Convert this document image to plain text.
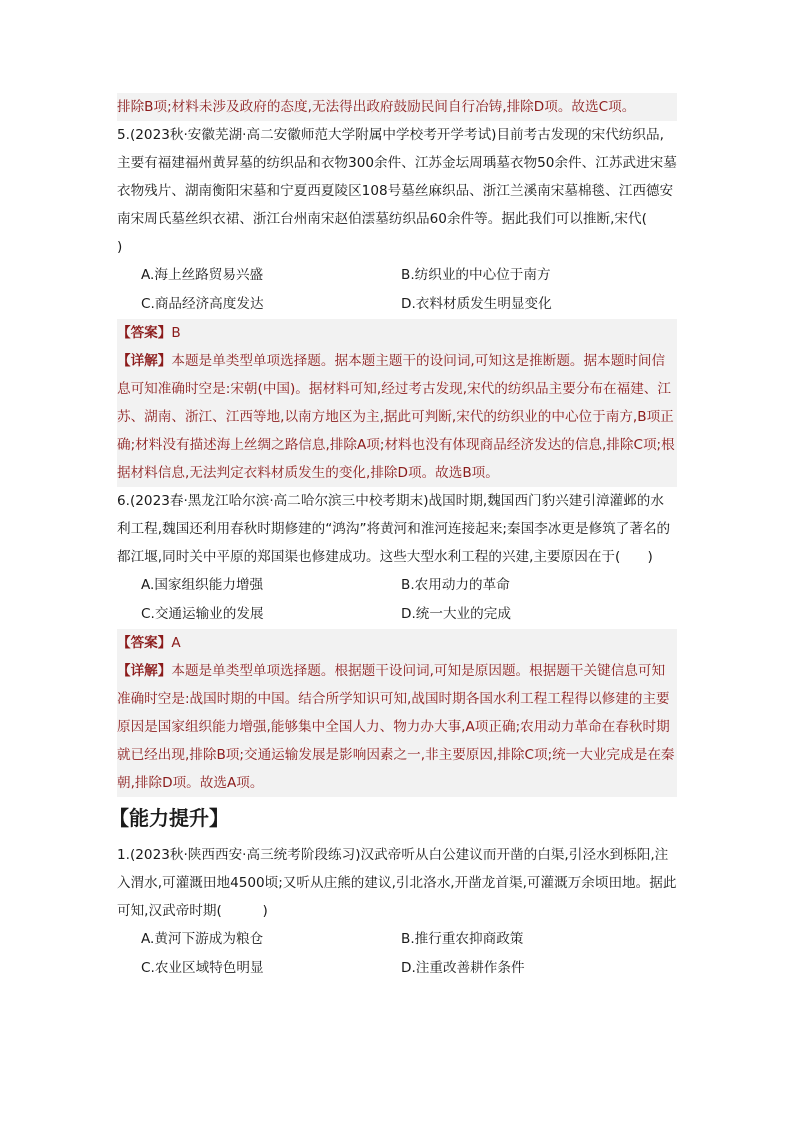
排除B项;材料未涉及政府的态度,无法得出政府鼓励民间自行冶铸,排除D项。故选C项。

5.(2023秋·安徽芜湖·高二安徽师范大学附属中学校考开学考试)目前考古发现的宋代纺织品,主要有福建福州黄昇墓的纺织品和衣物300余件、江苏金坛周瑀墓衣物50余件、江苏武进宋墓衣物残片、湖南衡阳宋墓和宁夏西夏陵区108号墓丝麻织品、浙江兰溪南宋墓棉毯、江西德安南宋周氏墓丝织衣裙、浙江台州南宋赵伯澐墓纺织品60余件等。据此我们可以推断,宋代(　　)

A.海上丝路贸易兴盛	B.纺织业的中心位于南方
C.商品经济高度发达	D.衣料材质发生明显变化

【答案】B

【详解】本题是单类型单项选择题。据本题主题干的设问词,可知这是推断题。据本题时间信息可知准确时空是:宋朝(中国)。据材料可知,经过考古发现,宋代的纺织品主要分布在福建、江苏、湖南、浙江、江西等地,以南方地区为主,据此可判断,宋代的纺织业的中心位于南方,B项正确;材料没有描述海上丝绸之路信息,排除A项;材料也没有体现商品经济发达的信息,排除C项;根据材料信息,无法判定衣料材质发生的变化,排除D项。故选B项。

6.(2023春·黑龙江哈尔滨·高二哈尔滨三中校考期末)战国时期,魏国西门豹兴建引漳灌邺的水利工程,魏国还利用春秋时期修建的“鸿沟”将黄河和淮河连接起来;秦国李冰更是修筑了著名的都江堰,同时关中平原的郑国渠也修建成功。这些大型水利工程的兴建,主要原因在于(　　)

A.国家组织能力增强	B.农用动力的革命
C.交通运输业的发展	D.统一大业的完成

【答案】A

【详解】本题是单类型单项选择题。根据题干设问词,可知是原因题。根据题干关键信息可知准确时空是:战国时期的中国。结合所学知识可知,战国时期各国水利工程工程得以修建的主要原因是国家组织能力增强,能够集中全国人力、物力办大事,A项正确;农用动力革命在春秋时期就已经出现,排除B项;交通运输发展是影响因素之一,非主要原因,排除C项;统一大业完成是在秦朝,排除D项。故选A项。

【能力提升】

1.(2023秋·陕西西安·高三统考阶段练习)汉武帝听从白公建议而开凿的白渠,引泾水到栎阳,注入渭水,可灌溉田地4500顷;又听从庄熊的建议,引北洛水,开凿龙首渠,可灌溉万余顷田地。据此可知,汉武帝时期(　　　)

A.黄河下游成为粮仓	B.推行重农抑商政策
C.农业区域特色明显	D.注重改善耕作条件
